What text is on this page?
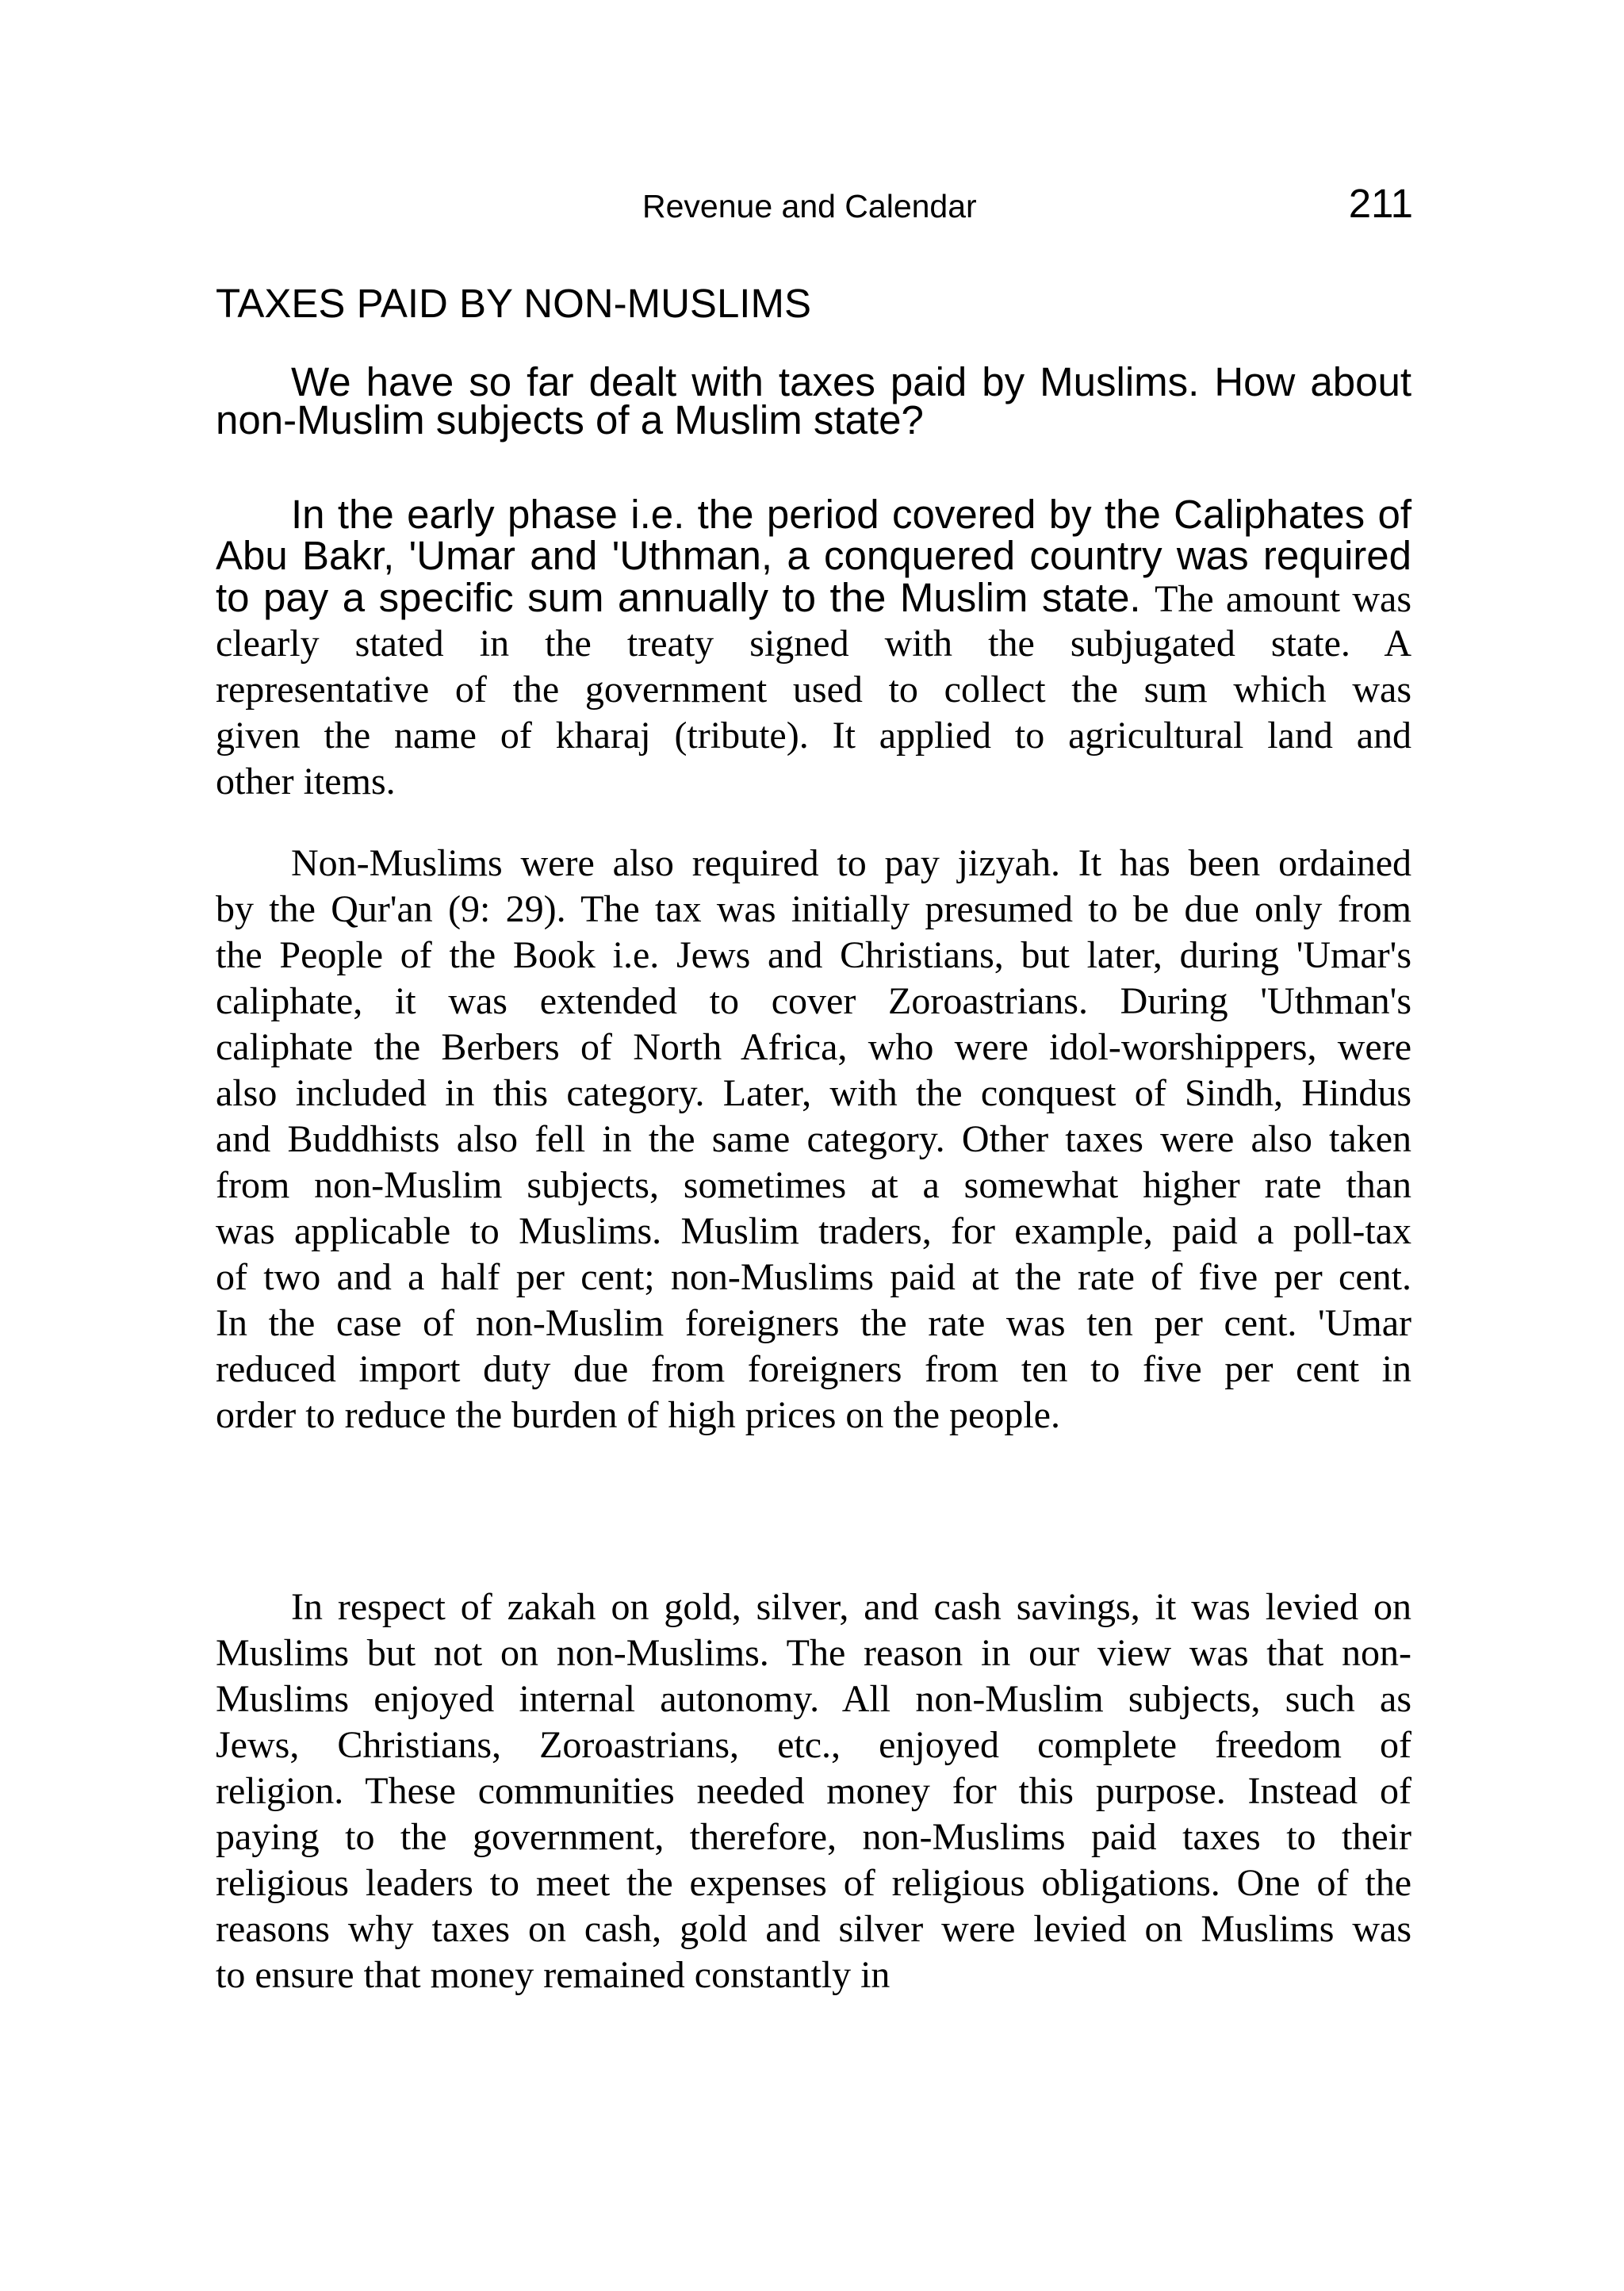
Revenue and Calendar	211
TAXES PAID BY NON-MUSLIMS
We have so far dealt with taxes paid by Muslims. How about
non-Muslim subjects of a Muslim state?
In the early phase i.e. the period covered by the Caliphates of
Abu Bakr, 'Umar and 'Uthman, a conquered country was required
to pay a specific sum annually to the Muslim state. The amount was
clearly stated in the treaty signed with the subjugated state. A
representative of the government used to collect the sum which was
given the name of kharaj (tribute). It applied to agricultural land and
other items.
Non-Muslims were also required to pay jizyah. It has been ordained
by the Qur'an (9: 29). The tax was initially presumed to be due only from
the People of the Book i.e. Jews and Christians, but later, during 'Umar's
caliphate, it was extended to cover Zoroastrians. During 'Uthman's
caliphate the Berbers of North Africa, who were idol-worshippers, were
also included in this category. Later, with the conquest of Sindh, Hindus
and Buddhists also fell in the same category. Other taxes were also taken
from non-Muslim subjects, sometimes at a somewhat higher rate than
was applicable to Muslims. Muslim traders, for example, paid a poll-tax
of two and a half per cent; non-Muslims paid at the rate of five per cent.
In the case of non-Muslim foreigners the rate was ten per cent. 'Umar
reduced import duty due from foreigners from ten to five per cent in
order to reduce the burden of high prices on the people.
In respect of zakah on gold, silver, and cash savings, it was levied on
Muslims but not on non-Muslims. The reason in our view was that non-
Muslims enjoyed internal autonomy. All non-Muslim subjects, such as
Jews, Christians, Zoroastrians, etc., enjoyed complete freedom of
religion. These communities needed money for this purpose. Instead of
paying to the government, therefore, non-Muslims paid taxes to their
religious leaders to meet the expenses of religious obligations. One of the
reasons why taxes on cash, gold and silver were levied on Muslims was
to ensure that money remained constantly in
